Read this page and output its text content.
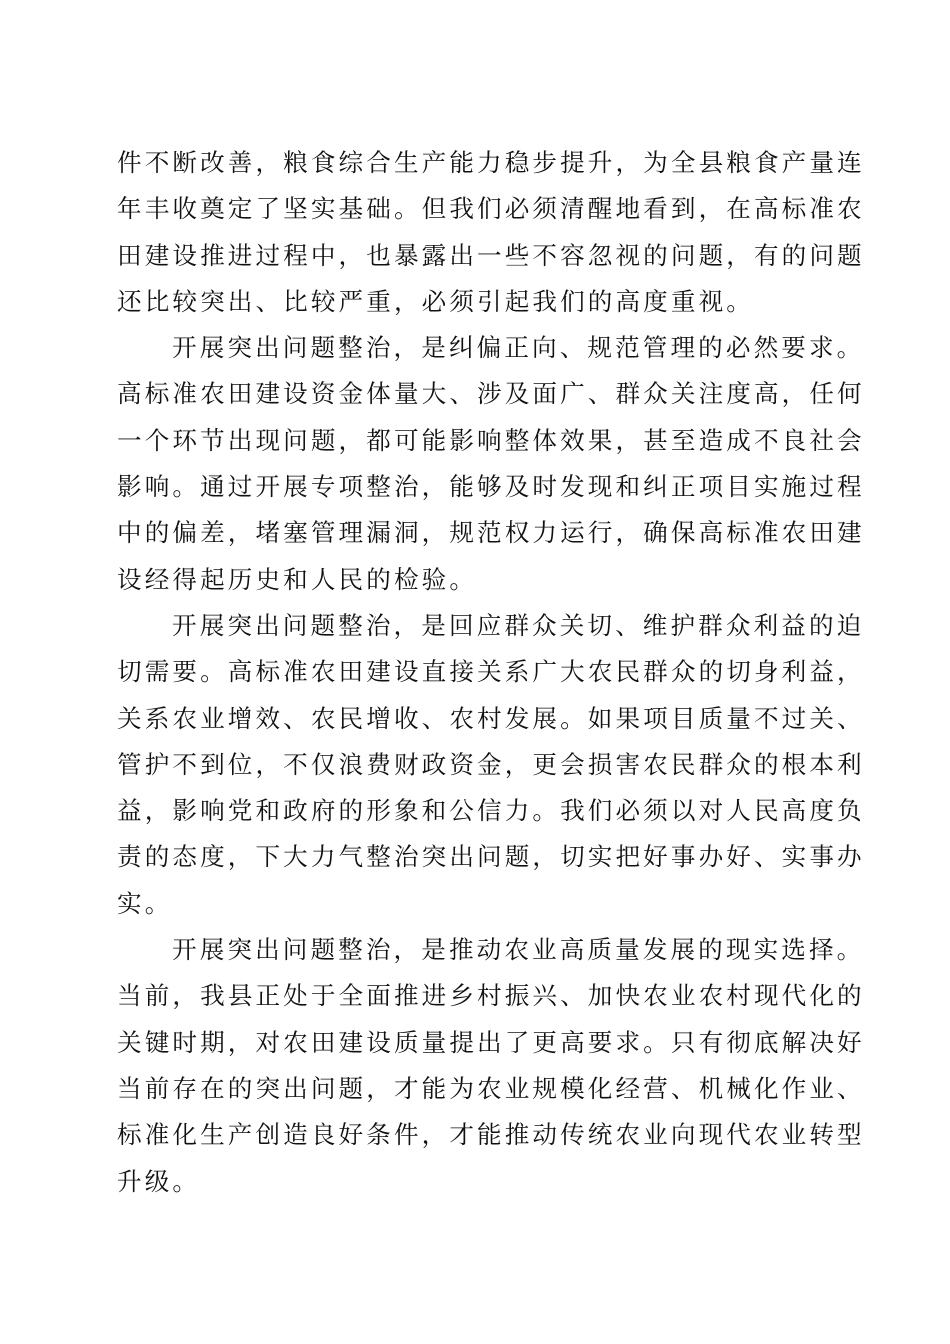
件不断改善，粮食综合生产能力稳步提升，为全县粮食产量连
年丰收奠定了坚实基础。但我们必须清醒地看到，在高标准农
田建设推进过程中，也暴露出一些不容忽视的问题，有的问题
还比较突出、比较严重，必须引起我们的高度重视。
开展突出问题整治，是纠偏正向、规范管理的必然要求。
高标准农田建设资金体量大、涉及面广、群众关注度高，任何
一个环节出现问题，都可能影响整体效果，甚至造成不良社会
影响。通过开展专项整治，能够及时发现和纠正项目实施过程
中的偏差，堵塞管理漏洞，规范权力运行，确保高标准农田建
设经得起历史和人民的检验。
开展突出问题整治，是回应群众关切、维护群众利益的迫
切需要。高标准农田建设直接关系广大农民群众的切身利益，
关系农业增效、农民增收、农村发展。如果项目质量不过关、
管护不到位，不仅浪费财政资金，更会损害农民群众的根本利
益，影响党和政府的形象和公信力。我们必须以对人民高度负
责的态度，下大力气整治突出问题，切实把好事办好、实事办
实。
开展突出问题整治，是推动农业高质量发展的现实选择。
当前，我县正处于全面推进乡村振兴、加快农业农村现代化的
关键时期，对农田建设质量提出了更高要求。只有彻底解决好
当前存在的突出问题，才能为农业规模化经营、机械化作业、
标准化生产创造良好条件，才能推动传统农业向现代农业转型
升级。
